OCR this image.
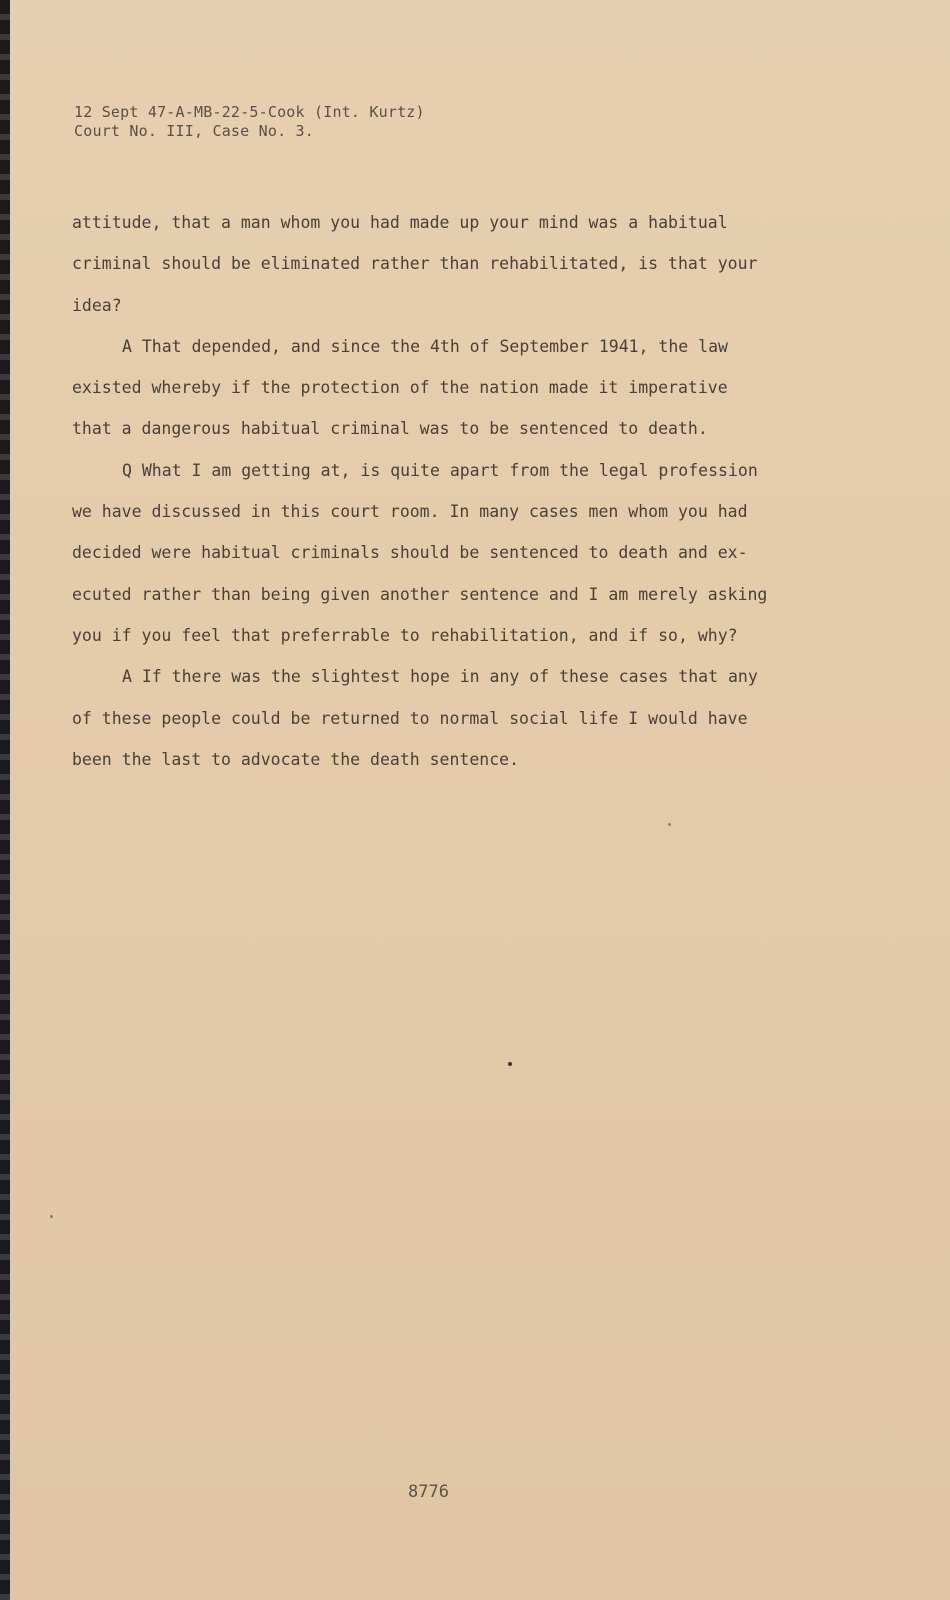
12 Sept 47-A-MB-22-5-Cook (Int. Kurtz)
Court No. III, Case No. 3.
attitude, that a man whom you had made up your mind was a habitual
criminal should be eliminated rather than rehabilitated, is that your
idea?
A That depended, and since the 4th of September 1941, the law
existed whereby if the protection of the nation made it imperative
that a dangerous habitual criminal was to be sentenced to death.
Q What I am getting at, is quite apart from the legal profession
we have discussed in this court room. In many cases men whom you had
decided were habitual criminals should be sentenced to death and ex-
ecuted rather than being given another sentence and I am merely asking
you if you feel that preferrable to rehabilitation, and if so, why?
A If there was the slightest hope in any of these cases that any
of these people could be returned to normal social life I would have
been the last to advocate the death sentence.
8776
